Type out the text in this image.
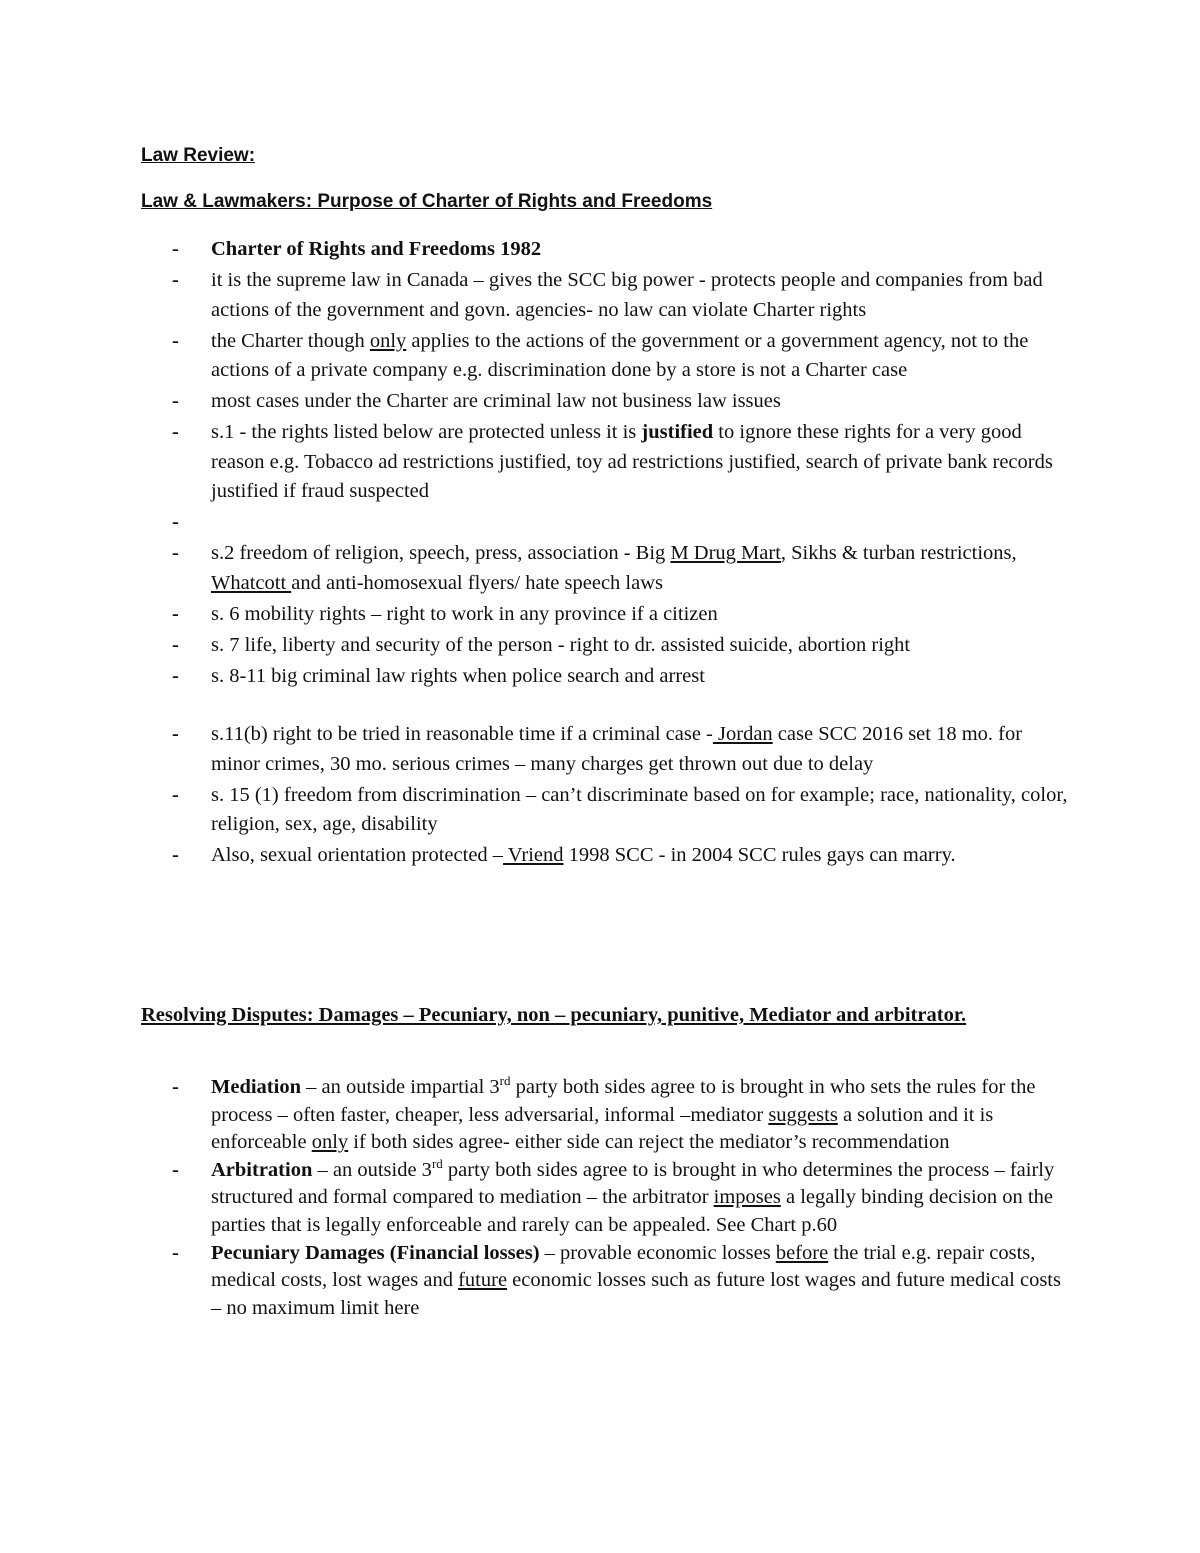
Law Review:
Law & Lawmakers: Purpose of Charter of Rights and Freedoms
- Charter of Rights and Freedoms 1982
- it is the supreme law in Canada – gives the SCC big power - protects people and companies from bad actions of the government and govn. agencies- no law can violate Charter rights
- the Charter though only applies to the actions of the government or a government agency, not to the actions of a private company e.g. discrimination done by a store is not a Charter case
- most cases under the Charter are criminal law not business law issues
- s.1 - the rights listed below are protected unless it is justified to ignore these rights for a very good reason e.g. Tobacco ad restrictions justified, toy ad restrictions justified, search of private bank records justified if fraud suspected
-

- s.2 freedom of religion, speech, press, association - Big M Drug Mart, Sikhs & turban restrictions, Whatcott and anti-homosexual flyers/ hate speech laws
- s. 6 mobility rights – right to work in any province if a citizen
- s. 7 life, liberty and security of the person - right to dr. assisted suicide, abortion right
- s. 8-11 big criminal law rights when police search and arrest
- s.11(b) right to be tried in reasonable time if a criminal case - Jordan case SCC 2016 set 18 mo. for minor crimes, 30 mo. serious crimes – many charges get thrown out due to delay
- s. 15 (1) freedom from discrimination – can’t discriminate based on for example; race, nationality, color, religion, sex, age, disability
- Also, sexual orientation protected – Vriend 1998 SCC - in 2004 SCC rules gays can marry.
Resolving Disputes: Damages – Pecuniary, non – pecuniary, punitive, Mediator and arbitrator.
- Mediation – an outside impartial 3rd party both sides agree to is brought in who sets the rules for the process – often faster, cheaper, less adversarial, informal –mediator suggests a solution and it is enforceable only if both sides agree- either side can reject the mediator’s recommendation
- Arbitration – an outside 3rd party both sides agree to is brought in who determines the process – fairly structured and formal compared to mediation – the arbitrator imposes a legally binding decision on the parties that is legally enforceable and rarely can be appealed. See Chart p.60
- Pecuniary Damages (Financial losses) – provable economic losses before the trial e.g. repair costs, medical costs, lost wages and future economic losses such as future lost wages and future medical costs – no maximum limit here
